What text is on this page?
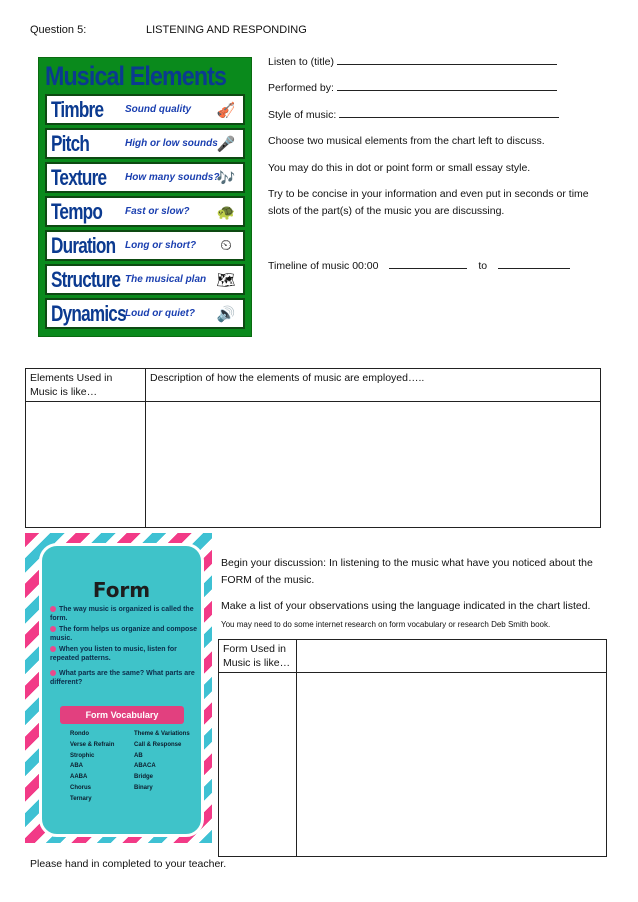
Question 5:	LISTENING AND RESPONDING
Musical Elements
Timbre Sound quality 🎻
Pitch	High or low sounds
🎤
Texture How many sounds?
🎶
Tempo Fast or slow? 🐢
Duration Long or short?	⏲
Structure The musical plan 🗺
Dynamics Loud or quiet? 🔊
Listen to (title)
Performed by:
Style of music:
Choose two musical elements from the chart left to discuss.
You may do this in dot or point form or small essay style.
Try to be concise in your information and even put in seconds or time slots of the part(s) of the music you are discussing.
Timeline of music 00:00	to
Elements Used in Music is like…	Description of how the elements of music are employed…..

Form
The way music is organized is called the form.
The form helps us organize and compose music.
When you listen to music, listen for repeated patterns.
What parts are the same? What parts are different?
Form Vocabulary
Rondo
Verse & Refrain
Strophic
ABA
AABA
Chorus
Ternary
Theme & Variations
Call & Response
AB
ABACA
Bridge
Binary
Begin your discussion: In listening to the music what have you noticed about the FORM of the music.
Make a list of your observations using the language indicated in the chart listed.
You may need to do some internet research on form vocabulary or research Deb Smith book.
Form Used in Music is like…	

Please hand in completed to your teacher.
